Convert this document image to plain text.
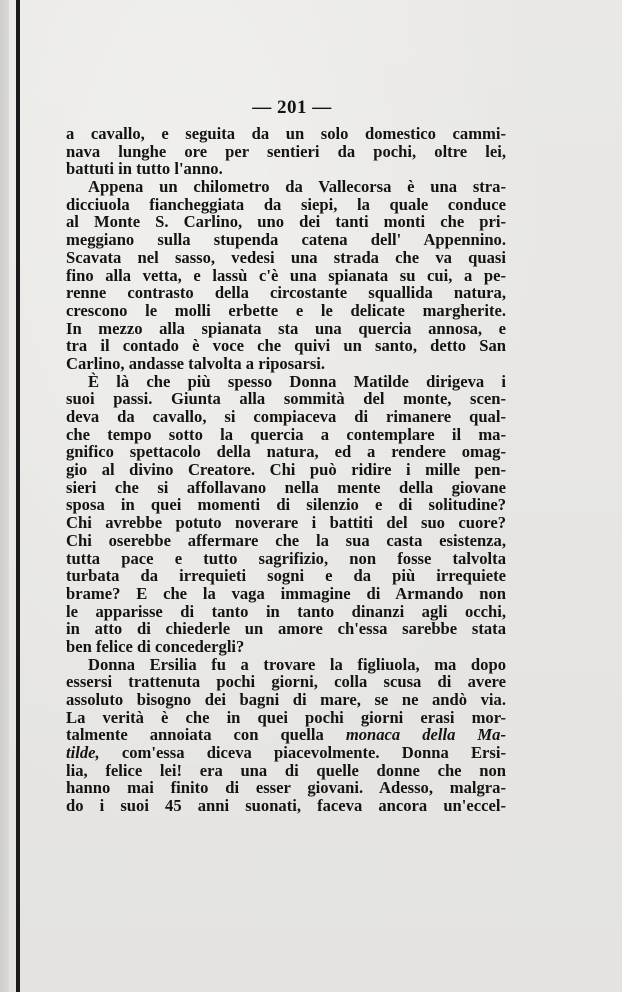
— 201 —
a cavallo, e seguita da un solo domestico cammi-
nava lunghe ore per sentieri da pochi, oltre lei,
battuti in tutto l'anno.
Appena un chilometro da Vallecorsa è una stra-
dicciuola fiancheggiata da siepi, la quale conduce
al Monte S. Carlino, uno dei tanti monti che pri-
meggiano sulla stupenda catena dell' Appennino.
Scavata nel sasso, vedesi una strada che va quasi
fino alla vetta, e lassù c'è una spianata su cui, a pe-
renne contrasto della circostante squallida natura,
crescono le molli erbette e le delicate margherite.
In mezzo alla spianata sta una quercia annosa, e
tra il contado è voce che quivi un santo, detto San
Carlino, andasse talvolta a riposarsi.
È là che più spesso Donna Matilde dirigeva i
suoi passi. Giunta alla sommità del monte, scen-
deva da cavallo, si compiaceva di rimanere qual-
che tempo sotto la quercia a contemplare il ma-
gnifico spettacolo della natura, ed a rendere omag-
gio al divino Creatore. Chi può ridire i mille pen-
sieri che si affollavano nella mente della giovane
sposa in quei momenti di silenzio e di solitudine?
Chi avrebbe potuto noverare i battiti del suo cuore?
Chi oserebbe affermare che la sua casta esistenza,
tutta pace e tutto sagrifizio, non fosse talvolta
turbata da irrequieti sogni e da più irrequiete
brame? E che la vaga immagine di Armando non
le apparisse di tanto in tanto dinanzi agli occhi,
in atto di chiederle un amore ch'essa sarebbe stata
ben felice di concedergli?
Donna Ersilia fu a trovare la figliuola, ma dopo
essersi trattenuta pochi giorni, colla scusa di avere
assoluto bisogno dei bagni di mare, se ne andò via.
La verità è che in quei pochi giorni erasi mor-
talmente annoiata con quella monaca della Ma-
tilde, com'essa diceva piacevolmente. Donna Ersi-
lia, felice lei! era una di quelle donne che non
hanno mai finito di esser giovani. Adesso, malgra-
do i suoi 45 anni suonati, faceva ancora un'eccel-
